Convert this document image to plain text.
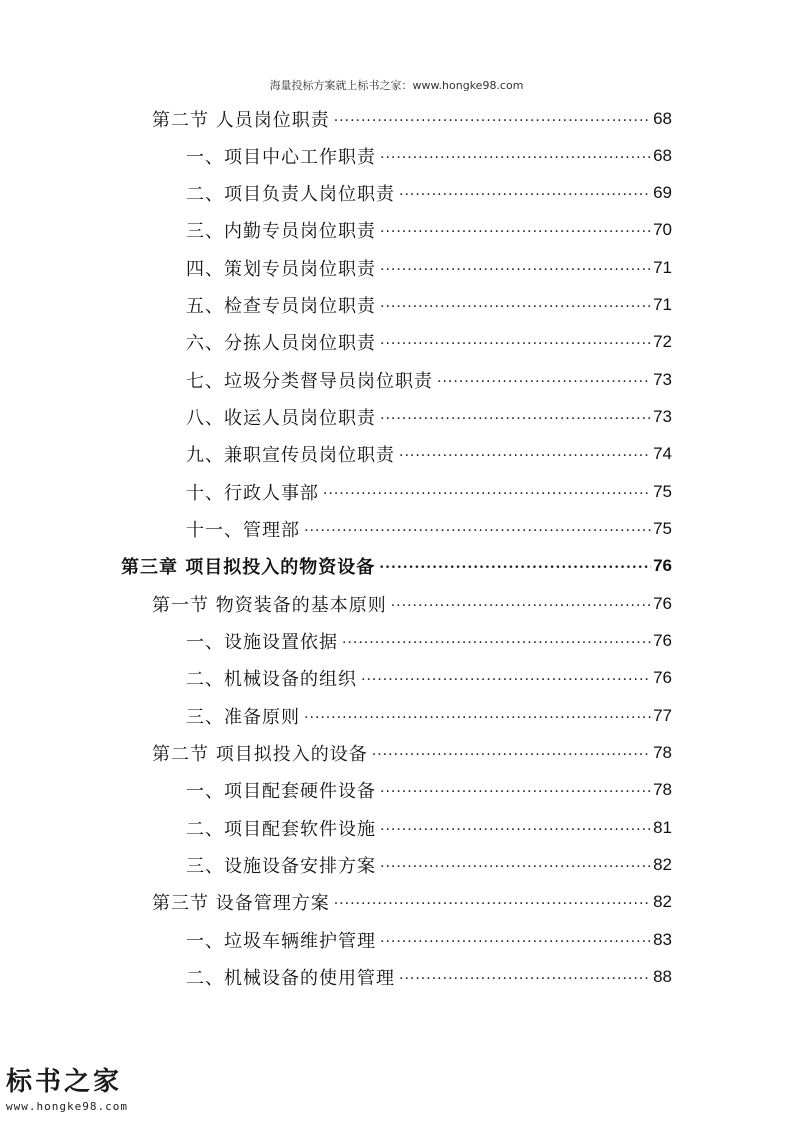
海量投标方案就上标书之家：www.hongke98.com
第二节 人员岗位职责 .....	68
一、项目中心工作职责 .....	68
二、项目负责人岗位职责 .....	69
三、内勤专员岗位职责 .....	70
四、策划专员岗位职责 .....	71
五、检查专员岗位职责 .....	71
六、分拣人员岗位职责 .....	72
七、垃圾分类督导员岗位职责 .....	73
八、收运人员岗位职责 .....	73
九、兼职宣传员岗位职责 .....	74
十、行政人事部 .....	75
十一、管理部 .....	75
第三章 项目拟投入的物资设备 .....	76
第一节 物资装备的基本原则 .....	76
一、设施设置依据 .....	76
二、机械设备的组织 .....	76
三、准备原则 .....	77
第二节 项目拟投入的设备 .....	78
一、项目配套硬件设备 .....	78
二、项目配套软件设施 .....	81
三、设施设备安排方案 .....	82
第三节 设备管理方案 .....	82
一、垃圾车辆维护管理 .....	83
二、机械设备的使用管理 .....	88
标书之家
www.hongke98.com
